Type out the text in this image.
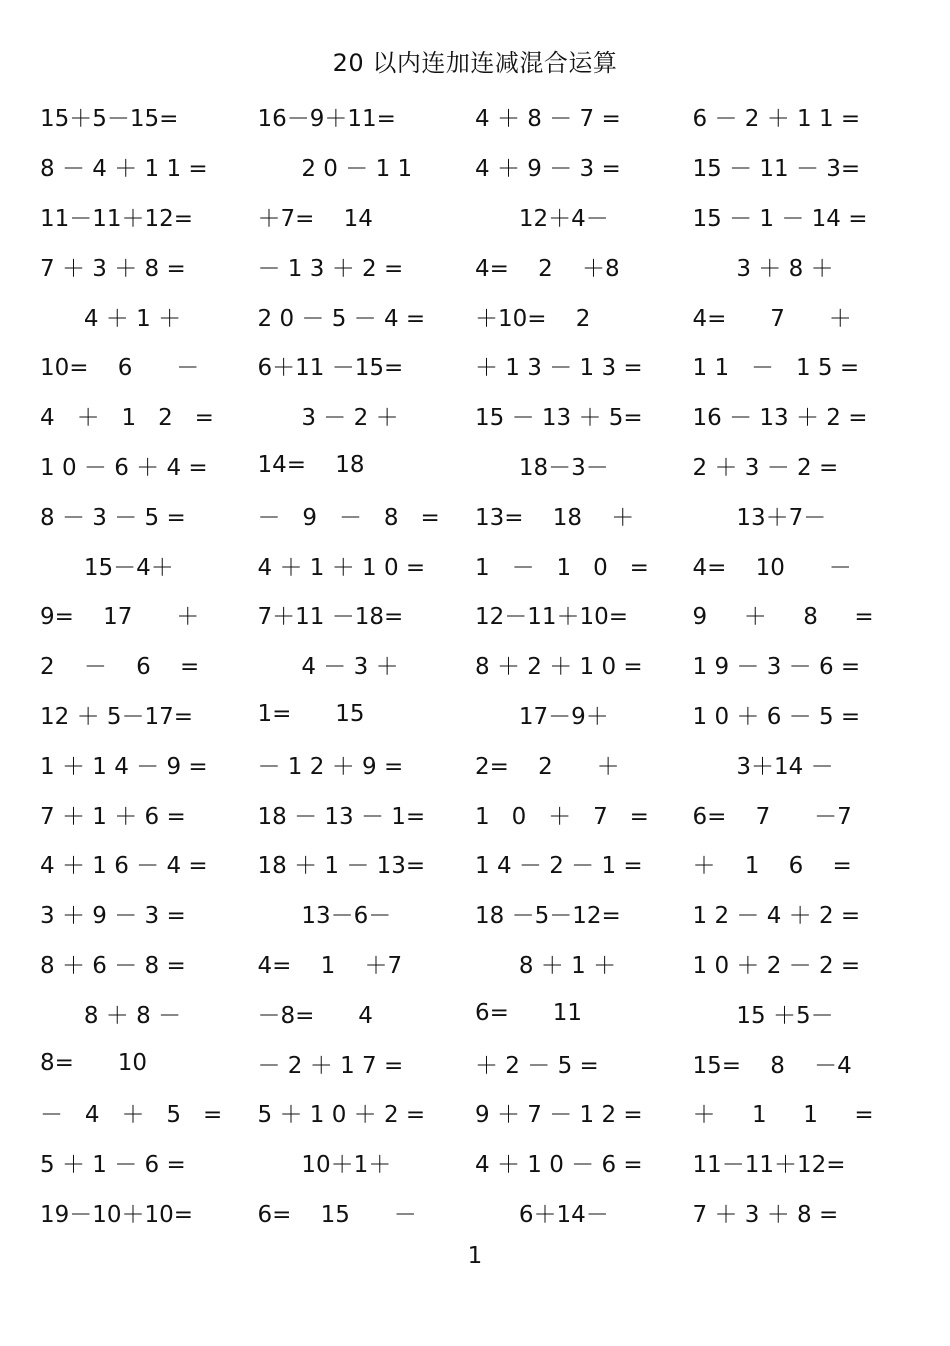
20 以内连加连减混合运算
15＋5－15=	16－9＋11=	4 ＋ 8 － 7 =	6 － 2 ＋ 1 1 =
8 － 4 ＋ 1 1 =	2 0 － 1 1	4 ＋ 9 － 3 =	15 － 11 － 3=
11－11＋12=	＋7=    14	12＋4－	15 － 1 － 14 =
7 ＋ 3 ＋ 8 =	－ 1 3 ＋ 2 =	4=    2    ＋8	3 ＋ 8 ＋
4 ＋ 1 ＋	2 0 － 5 － 4 =	＋10=    2	4=      7      ＋
10=    6      －	6＋11 －15=	＋ 1 3 － 1 3 =	1 1   －   1 5 =
4   ＋   1   2   =	3 － 2 ＋	15 － 13 ＋ 5=	16 － 13 ＋ 2 =
1 0 － 6 ＋ 4 =	14=    18	18－3－	2 ＋ 3 － 2 =
8 － 3 － 5 =	－   9   －   8   =	13=    18    ＋	13＋7－
15－4＋	4 ＋ 1 ＋ 1 0 =	1   －   1   0   =	4=    10      －
9=    17      ＋	7＋11 －18=	12－11＋10=	9     ＋     8     =
2    －    6    =	4 － 3 ＋	8 ＋ 2 ＋ 1 0 =	1 9 － 3 － 6 =
12 ＋ 5－17=	1=      15	17－9＋	1 0 ＋ 6 － 5 =
1 ＋ 1 4 － 9 =	－ 1 2 ＋ 9 =	2=    2      ＋	3＋14 －
7 ＋ 1 ＋ 6 =	18 － 13 － 1=	1   0   ＋   7   =	6=    7      －7
4 ＋ 1 6 － 4 =	18 ＋ 1 － 13=	1 4 － 2 － 1 =	＋    1    6    =
3 ＋ 9 － 3 =	13－6－	18 －5－12=	1 2 － 4 ＋ 2 =
8 ＋ 6 － 8 =	4=    1    ＋7	8 ＋ 1 ＋	1 0 ＋ 2 － 2 =
8 ＋ 8 －	－8=      4	6=      11	15 ＋5－
8=      10	－ 2 ＋ 1 7 =	＋ 2 － 5 =	15=    8    －4
－   4   ＋   5   =	5 ＋ 1 0 ＋ 2 =	9 ＋ 7 － 1 2 =	＋     1     1     =
5 ＋ 1 － 6 =	10＋1＋	4 ＋ 1 0 － 6 =	11－11＋12=
19－10＋10=	6=    15      －	6＋14－	7 ＋ 3 ＋ 8 =
1
